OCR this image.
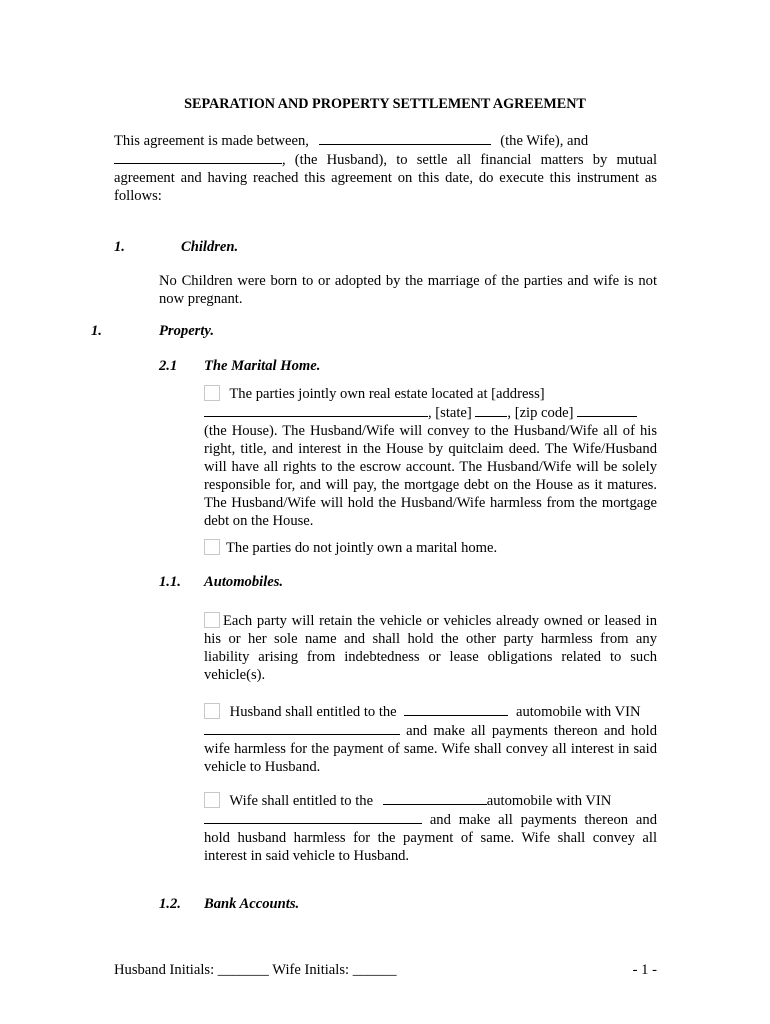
SEPARATION AND PROPERTY SETTLEMENT AGREEMENT
This agreement is made between,	(the Wife), and
, (the Husband), to settle all financial matters by mutual agreement and having reached this agreement on this date, do execute this instrument as follows:
1.	Children.
No Children were born to or adopted by the marriage of the parties and wife is not now pregnant.
1.	Property.
2.1 The Marital Home.
The parties jointly own real estate located at [address]
, [state] , [zip code]
(the House). The Husband/Wife will convey to the Husband/Wife all of his right, title, and interest in the House by quitclaim deed. The Wife/Husband will have all rights to the escrow account. The Husband/Wife will be solely responsible for, and will pay, the mortgage debt on the House as it matures. The Husband/Wife will hold the Husband/Wife harmless from the mortgage debt on the House.
The parties do not jointly own a marital home.
1.1. Automobiles.
Each party will retain the vehicle or vehicles already owned or leased in his or her sole name and shall hold the other party harmless from any liability arising from indebtedness or lease obligations related to such vehicle(s).
Husband shall entitled to the	automobile with VIN
and make all payments thereon and hold wife harmless for the payment of same. Wife shall convey all interest in said vehicle to Husband.
Wife shall entitled to the	automobile with VIN
and make all payments thereon and hold husband harmless for the payment of same. Wife shall convey all interest in said vehicle to Husband.
1.2. Bank Accounts.
Husband Initials: _______ Wife Initials: ______	- 1 -
